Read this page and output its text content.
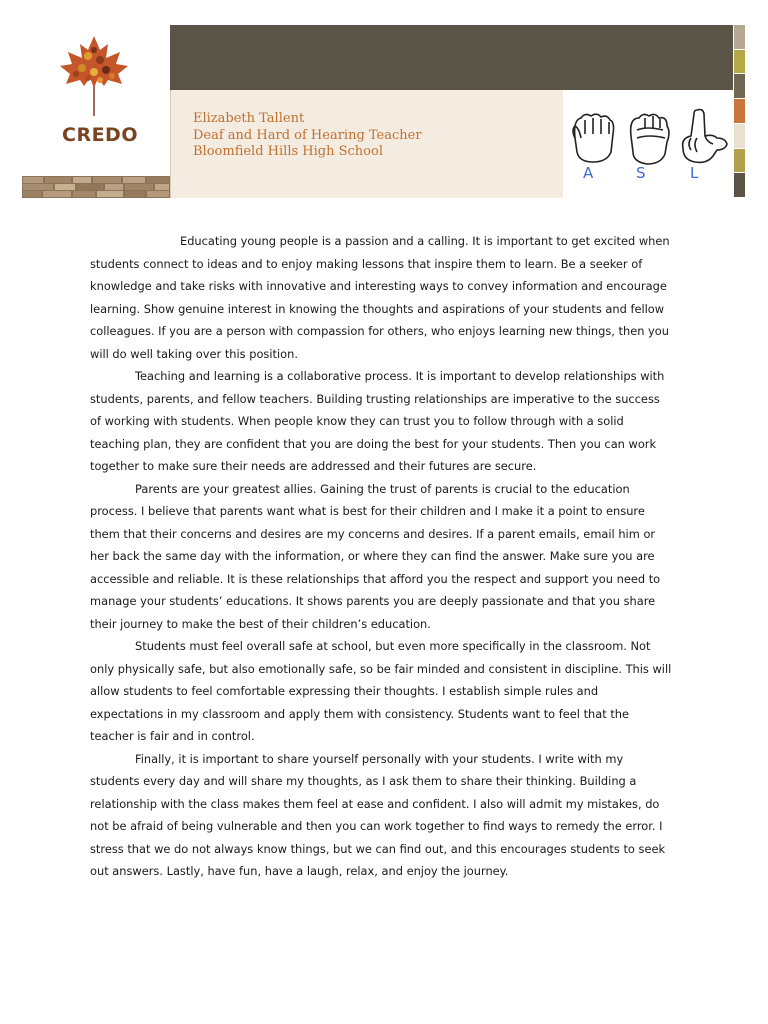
CREDO
Elizabeth Tallent
Deaf and Hard of Hearing Teacher
Bloomfield Hills High School
A	S	L

Educating young people is a passion and a calling. It is important to get excited when students connect to ideas and to enjoy making lessons that inspire them to learn. Be a seeker of knowledge and take risks with innovative and interesting ways to convey information and encourage learning. Show genuine interest in knowing the thoughts and aspirations of your students and fellow colleagues. If you are a person with compassion for others, who enjoys learning new things, then you will do well taking over this position.

Teaching and learning is a collaborative process. It is important to develop relationships with students, parents, and fellow teachers. Building trusting relationships are imperative to the success of working with students. When people know they can trust you to follow through with a solid teaching plan, they are confident that you are doing the best for your students. Then you can work together to make sure their needs are addressed and their futures are secure.

Parents are your greatest allies. Gaining the trust of parents is crucial to the education process. I believe that parents want what is best for their children and I make it a point to ensure them that their concerns and desires are my concerns and desires. If a parent emails, email him or her back the same day with the information, or where they can find the answer. Make sure you are accessible and reliable. It is these relationships that afford you the respect and support you need to manage your students’ educations. It shows parents you are deeply passionate and that you share their journey to make the best of their children’s education.

Students must feel overall safe at school, but even more specifically in the classroom. Not only physically safe, but also emotionally safe, so be fair minded and consistent in discipline. This will allow students to feel comfortable expressing their thoughts. I establish simple rules and expectations in my classroom and apply them with consistency. Students want to feel that the teacher is fair and in control.

Finally, it is important to share yourself personally with your students. I write with my students every day and will share my thoughts, as I ask them to share their thinking. Building a relationship with the class makes them feel at ease and confident. I also will admit my mistakes, do not be afraid of being vulnerable and then you can work together to find ways to remedy the error. I stress that we do not always know things, but we can find out, and this encourages students to seek out answers. Lastly, have fun, have a laugh, relax, and enjoy the journey.
